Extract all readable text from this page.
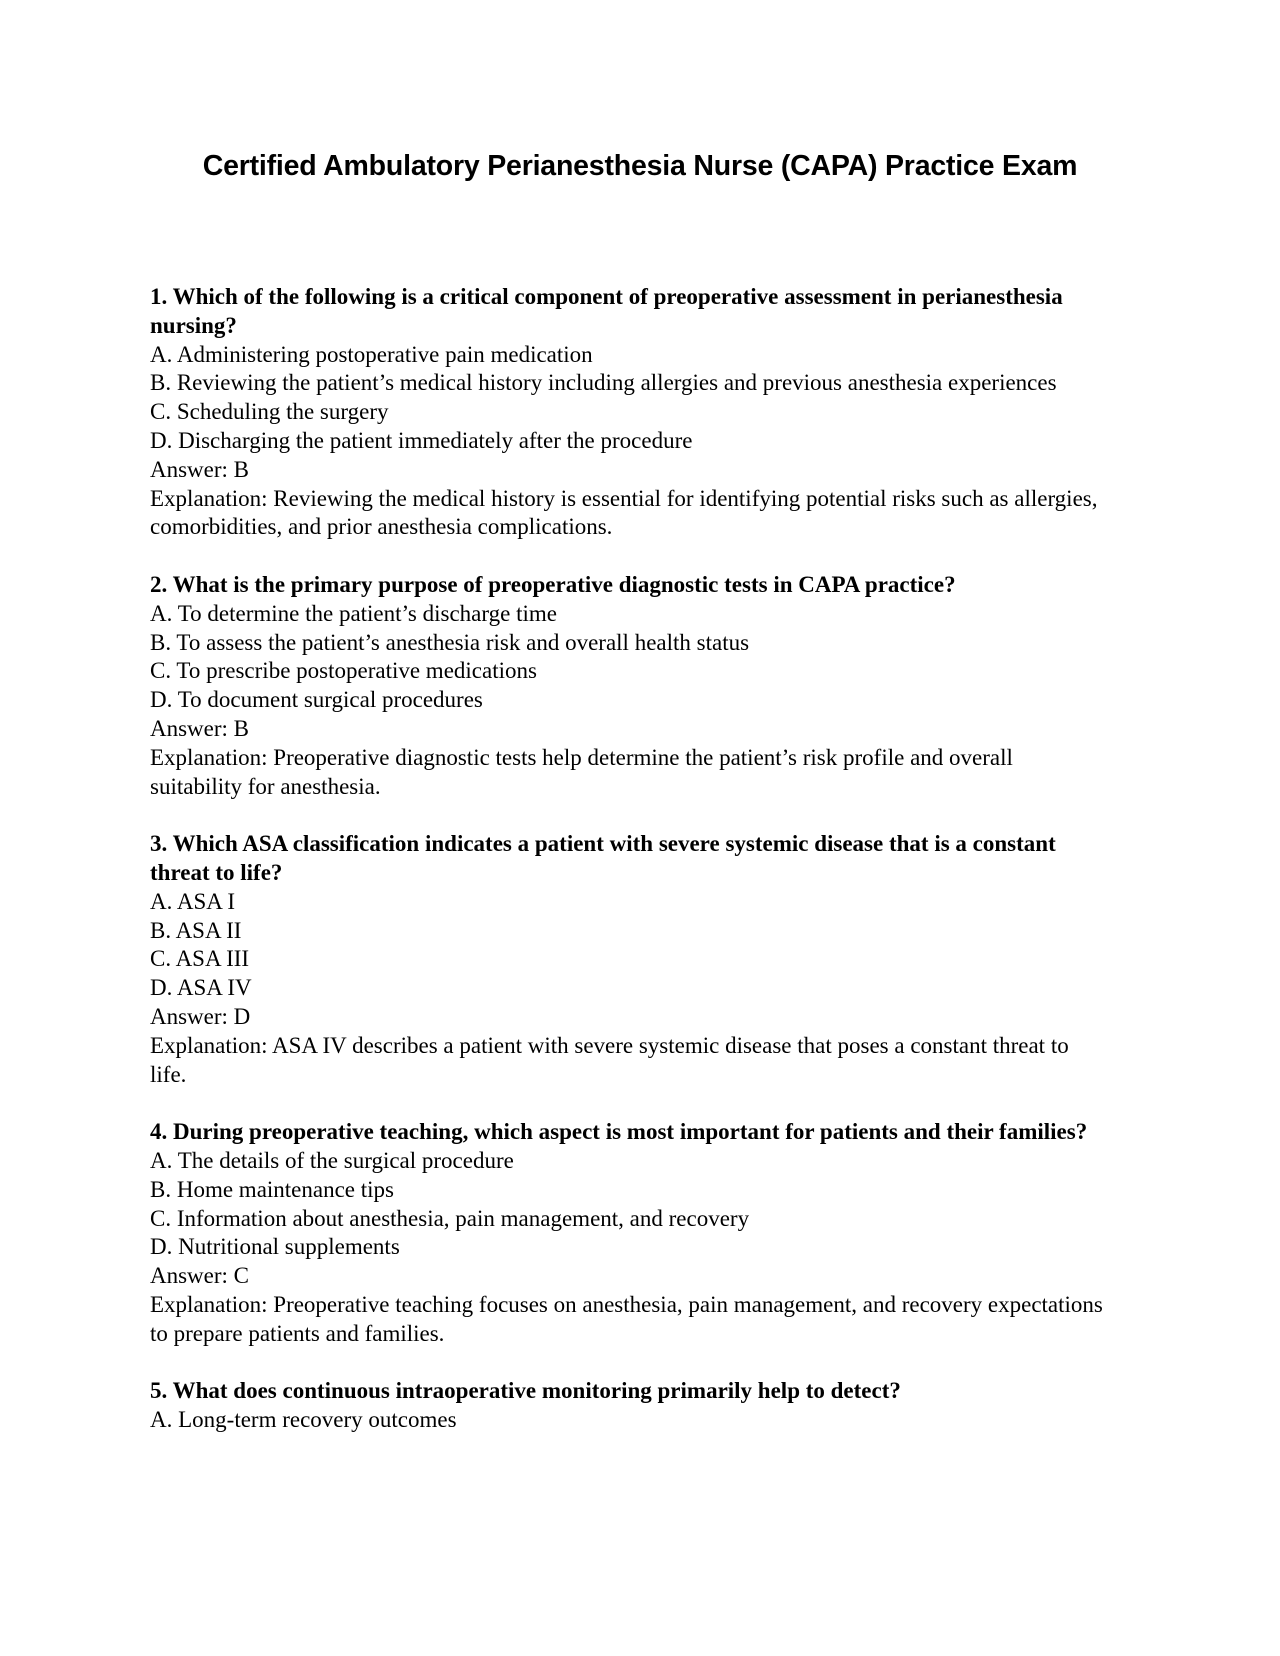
Certified Ambulatory Perianesthesia Nurse (CAPA) Practice Exam

1. Which of the following is a critical component of preoperative assessment in perianesthesia nursing?

A. Administering postoperative pain medication

B. Reviewing the patient’s medical history including allergies and previous anesthesia experiences

C. Scheduling the surgery

D. Discharging the patient immediately after the procedure

Answer: B

Explanation: Reviewing the medical history is essential for identifying potential risks such as allergies, comorbidities, and prior anesthesia complications.

2. What is the primary purpose of preoperative diagnostic tests in CAPA practice?

A. To determine the patient’s discharge time

B. To assess the patient’s anesthesia risk and overall health status

C. To prescribe postoperative medications

D. To document surgical procedures

Answer: B

Explanation: Preoperative diagnostic tests help determine the patient’s risk profile and overall suitability for anesthesia.

3. Which ASA classification indicates a patient with severe systemic disease that is a constant threat to life?

A. ASA I

B. ASA II

C. ASA III

D. ASA IV

Answer: D

Explanation: ASA IV describes a patient with severe systemic disease that poses a constant threat to life.

4. During preoperative teaching, which aspect is most important for patients and their families?

A. The details of the surgical procedure

B. Home maintenance tips

C. Information about anesthesia, pain management, and recovery

D. Nutritional supplements

Answer: C

Explanation: Preoperative teaching focuses on anesthesia, pain management, and recovery expectations to prepare patients and families.

5. What does continuous intraoperative monitoring primarily help to detect?

A. Long-term recovery outcomes
